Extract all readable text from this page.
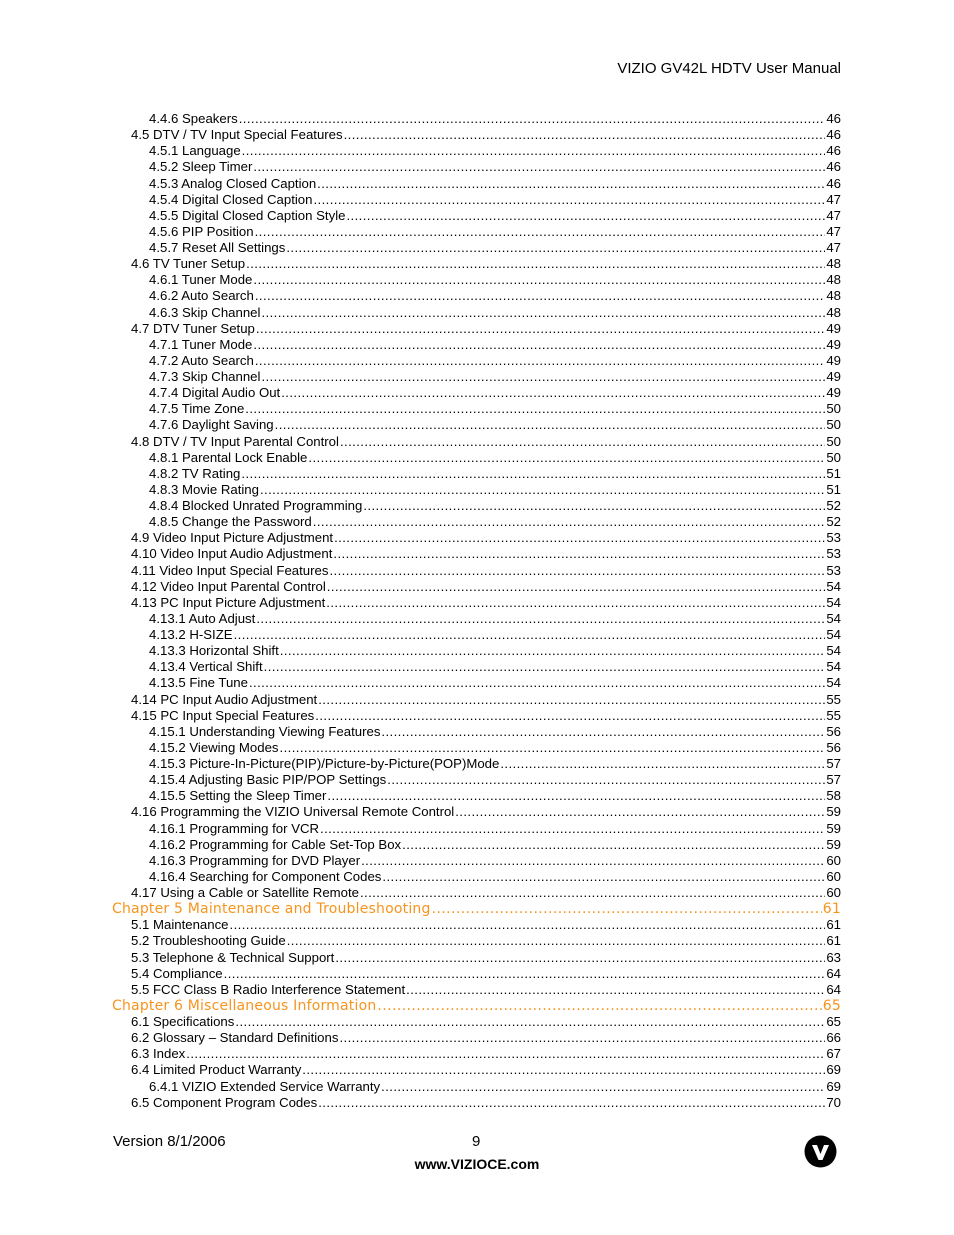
VIZIO GV42L HDTV User Manual
4.4.6 Speakers .....	46
4.5 DTV / TV Input Special Features .....	46
4.5.1 Language .....	46
4.5.2 Sleep Timer .....	46
4.5.3 Analog Closed Caption .....	46
4.5.4 Digital Closed Caption .....	47
4.5.5 Digital Closed Caption Style .....	47
4.5.6 PIP Position .....	47
4.5.7 Reset All Settings .....	47
4.6 TV Tuner Setup .....	48
4.6.1 Tuner Mode .....	48
4.6.2 Auto Search .....	48
4.6.3 Skip Channel .....	48
4.7 DTV Tuner Setup .....	49
4.7.1 Tuner Mode .....	49
4.7.2 Auto Search .....	49
4.7.3 Skip Channel .....	49
4.7.4 Digital Audio Out .....	49
4.7.5 Time Zone .....	50
4.7.6 Daylight Saving .....	50
4.8 DTV / TV Input Parental Control .....	50
4.8.1 Parental Lock Enable .....	50
4.8.2 TV Rating .....	51
4.8.3 Movie Rating .....	51
4.8.4 Blocked Unrated Programming .....	52
4.8.5 Change the Password .....	52
4.9 Video Input Picture Adjustment .....	53
4.10 Video Input Audio Adjustment .....	53
4.11 Video Input Special Features .....	53
4.12 Video Input Parental Control .....	54
4.13 PC Input Picture Adjustment .....	54
4.13.1 Auto Adjust .....	54
4.13.2 H-SIZE .....	54
4.13.3 Horizontal Shift .....	54
4.13.4 Vertical Shift .....	54
4.13.5 Fine Tune .....	54
4.14 PC Input Audio Adjustment .....	55
4.15 PC Input Special Features .....	55
4.15.1 Understanding Viewing Features .....	56
4.15.2 Viewing Modes .....	56
4.15.3 Picture-In-Picture(PIP)/Picture-by-Picture(POP)Mode .....	57
4.15.4 Adjusting Basic PIP/POP Settings .....	57
4.15.5 Setting the Sleep Timer .....	58
4.16 Programming the VIZIO Universal Remote Control .....	59
4.16.1 Programming for VCR .....	59
4.16.2 Programming for Cable Set-Top Box .....	59
4.16.3 Programming for DVD Player .....	60
4.16.4 Searching for Component Codes .....	60
4.17 Using a Cable or Satellite Remote .....	60
Chapter 5 Maintenance and Troubleshooting .....	61
5.1 Maintenance .....	61
5.2 Troubleshooting Guide .....	61
5.3 Telephone & Technical Support .....	63
5.4 Compliance .....	64
5.5 FCC Class B Radio Interference Statement .....	64
Chapter 6 Miscellaneous Information .....	65
6.1 Specifications .....	65
6.2 Glossary – Standard Definitions .....	66
6.3 Index .....	67
6.4 Limited Product Warranty .....	69
6.4.1 VIZIO Extended Service Warranty .....	69
6.5 Component Program Codes .....	70
Version 8/1/2006	9
www.VIZIOCE.com
